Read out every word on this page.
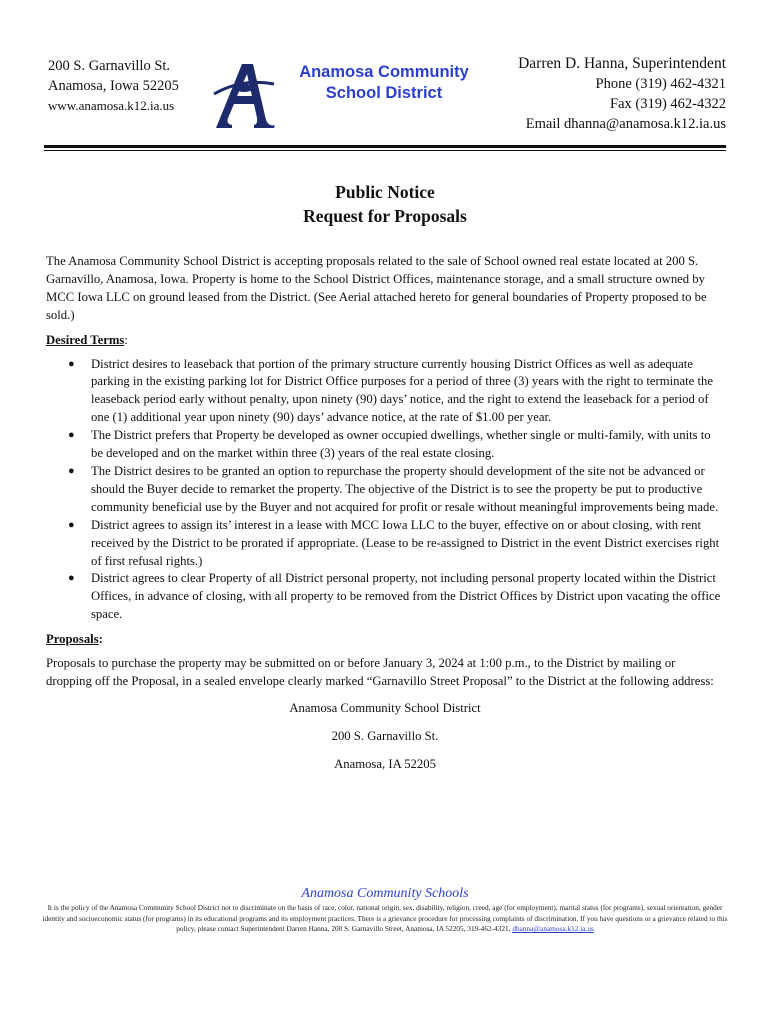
200 S. Garnavillo St.
Anamosa, Iowa 52205
www.anamosa.k12.ia.us
Anamosa Community
School District
Darren D. Hanna, Superintendent
Phone (319) 462-4321
Fax (319) 462-4322
Email dhanna@anamosa.k12.ia.us
Public Notice
Request for Proposals

The Anamosa Community School District is accepting proposals related to the sale of School owned real estate located at 200 S. Garnavillo, Anamosa, Iowa. Property is home to the School District Offices, maintenance storage, and a small structure owned by MCC Iowa LLC on ground leased from the District. (See Aerial attached hereto for general boundaries of Property proposed to be sold.)

Desired Terms:

● District desires to leaseback that portion of the primary structure currently housing District Offices as well as adequate parking in the existing parking lot for District Office purposes for a period of three (3) years with the right to terminate the leaseback period early without penalty, upon ninety (90) days’ notice, and the right to extend the leaseback for a period of one (1) additional year upon ninety (90) days’ advance notice, at the rate of $1.00 per year.
● The District prefers that Property be developed as owner occupied dwellings, whether single or multi-family, with units to be developed and on the market within three (3) years of the real estate closing.
● The District desires to be granted an option to repurchase the property should development of the site not be advanced or should the Buyer decide to remarket the property. The objective of the District is to see the property be put to productive community beneficial use by the Buyer and not acquired for profit or resale without meaningful improvements being made.
● District agrees to assign its’ interest in a lease with MCC Iowa LLC to the buyer, effective on or about closing, with rent received by the District to be prorated if appropriate. (Lease to be re-assigned to District in the event District exercises right of first refusal rights.)
● District agrees to clear Property of all District personal property, not including personal property located within the District Offices, in advance of closing, with all property to be removed from the District Offices by District upon vacating the office space.

Proposals:

Proposals to purchase the property may be submitted on or before January 3, 2024 at 1:00 p.m., to the District by mailing or dropping off the Proposal, in a sealed envelope clearly marked “Garnavillo Street Proposal” to the District at the following address:

Anamosa Community School District
200 S. Garnavillo St.
Anamosa, IA 52205
Anamosa Community Schools
It is the policy of the Anamosa Community School District not to discriminate on the basis of race, color, national origin, sex, disability, religion, creed, age (for employment), marital status (for programs), sexual orientation, gender identity and socioeconomic status (for programs) in its educational programs and its employment practices. There is a grievance procedure for processing complaints of discrimination. If you have questions or a grievance related to this policy, please contact Superintendent Darren Hanna, 200 S. Garnavillo Street, Anamosa, IA 52205, 319-462-4321, dhanna@anamosa.k12.ia.us
